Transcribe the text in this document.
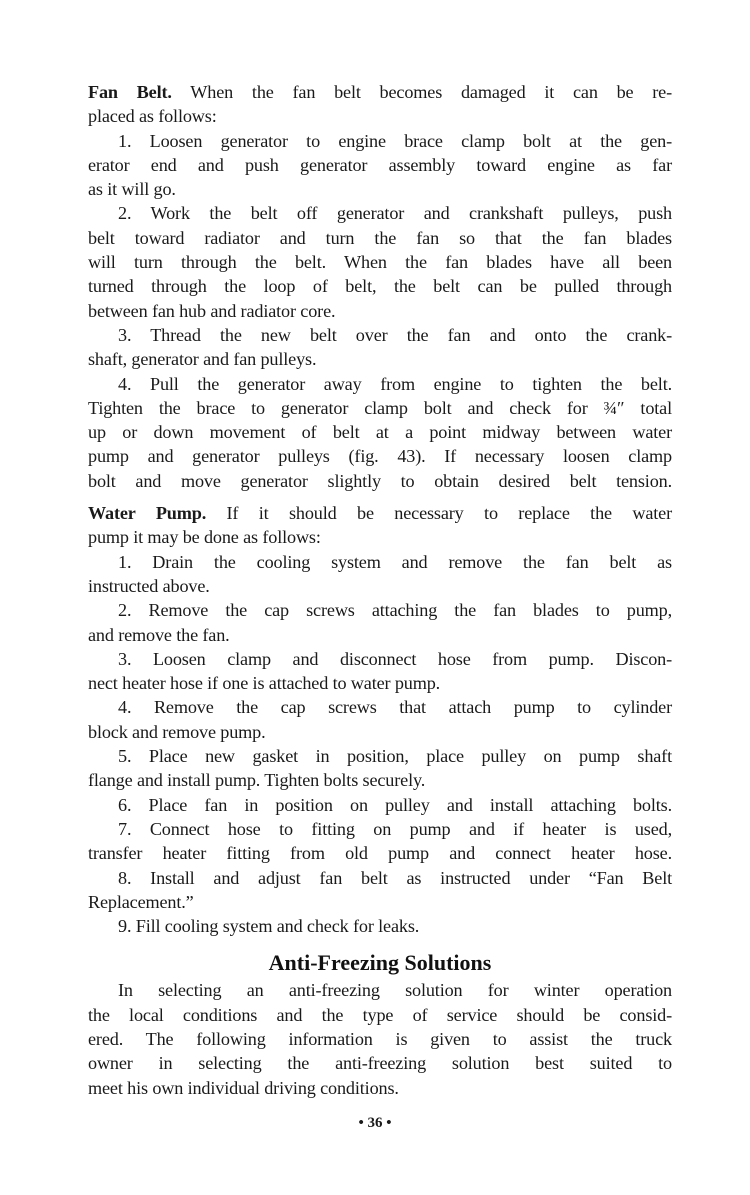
Fan Belt. When the fan belt becomes damaged it can be re-
placed as follows:
1. Loosen generator to engine brace clamp bolt at the gen-
erator end and push generator assembly toward engine as far
as it will go.
2. Work the belt off generator and crankshaft pulleys, push
belt toward radiator and turn the fan so that the fan blades
will turn through the belt. When the fan blades have all been
turned through the loop of belt, the belt can be pulled through
between fan hub and radiator core.
3. Thread the new belt over the fan and onto the crank-
shaft, generator and fan pulleys.
4. Pull the generator away from engine to tighten the belt.
Tighten the brace to generator clamp bolt and check for ¾″ total
up or down movement of belt at a point midway between water
pump and generator pulleys (fig. 43). If necessary loosen clamp
bolt and move generator slightly to obtain desired belt tension.
Water Pump. If it should be necessary to replace the water
pump it may be done as follows:
1. Drain the cooling system and remove the fan belt as
instructed above.
2. Remove the cap screws attaching the fan blades to pump,
and remove the fan.
3. Loosen clamp and disconnect hose from pump. Discon-
nect heater hose if one is attached to water pump.
4. Remove the cap screws that attach pump to cylinder
block and remove pump.
5. Place new gasket in position, place pulley on pump shaft
flange and install pump. Tighten bolts securely.
6. Place fan in position on pulley and install attaching bolts.
7. Connect hose to fitting on pump and if heater is used,
transfer heater fitting from old pump and connect heater hose.
8. Install and adjust fan belt as instructed under “Fan Belt
Replacement.”
9. Fill cooling system and check for leaks.
Anti-Freezing Solutions
In selecting an anti-freezing solution for winter operation
the local conditions and the type of service should be consid-
ered. The following information is given to assist the truck
owner in selecting the anti-freezing solution best suited to
meet his own individual driving conditions.
• 36 •
